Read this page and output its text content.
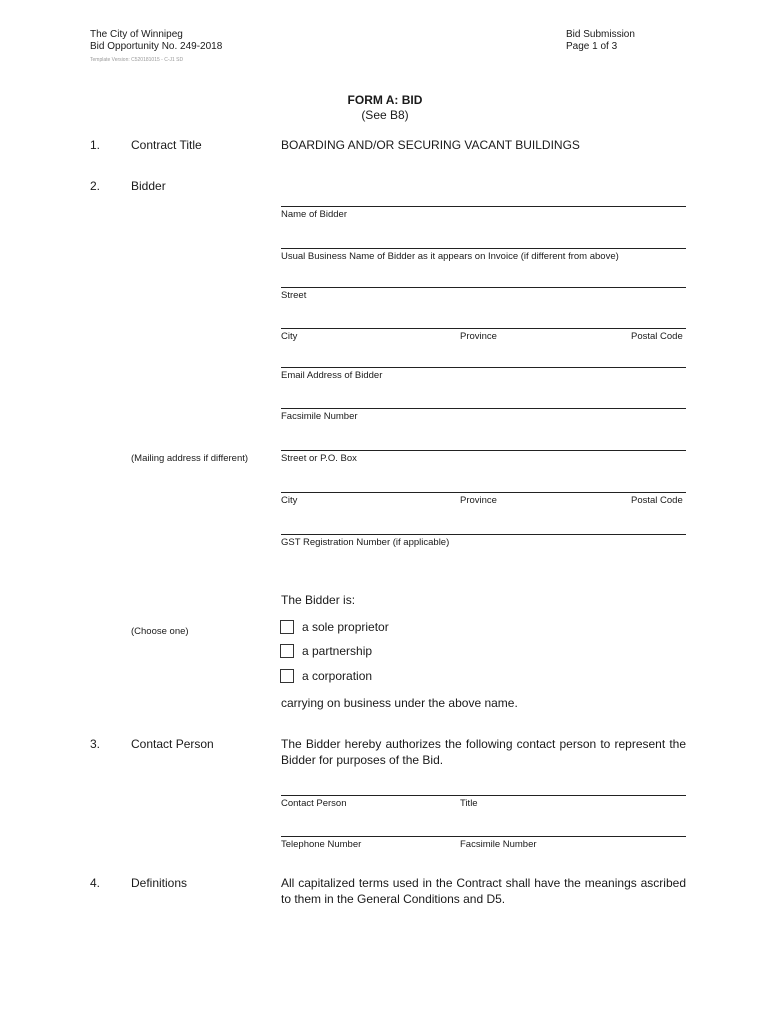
The City of Winnipeg
Bid Opportunity No. 249-2018
Bid Submission
Page 1 of 3
Template Version: C520181015 - C-J1 SD
FORM A: BID
(See B8)
1.	Contract Title	BOARDING AND/OR SECURING VACANT BUILDINGS
2.	Bidder
Name of Bidder
Usual Business Name of Bidder as it appears on Invoice (if different from above)
Street
City	Province	Postal Code
Email Address of Bidder
Facsimile Number
(Mailing address if different)	Street or P.O. Box
City	Province	Postal Code
GST Registration Number (if applicable)
The Bidder is:
(Choose one)	a sole proprietor
a partnership
a corporation
carrying on business under the above name.
3.	Contact Person	The Bidder hereby authorizes the following contact person to represent the Bidder for purposes of the Bid.
Contact Person	Title
Telephone Number	Facsimile Number
4.	Definitions	All capitalized terms used in the Contract shall have the meanings ascribed to them in the General Conditions and D5.
